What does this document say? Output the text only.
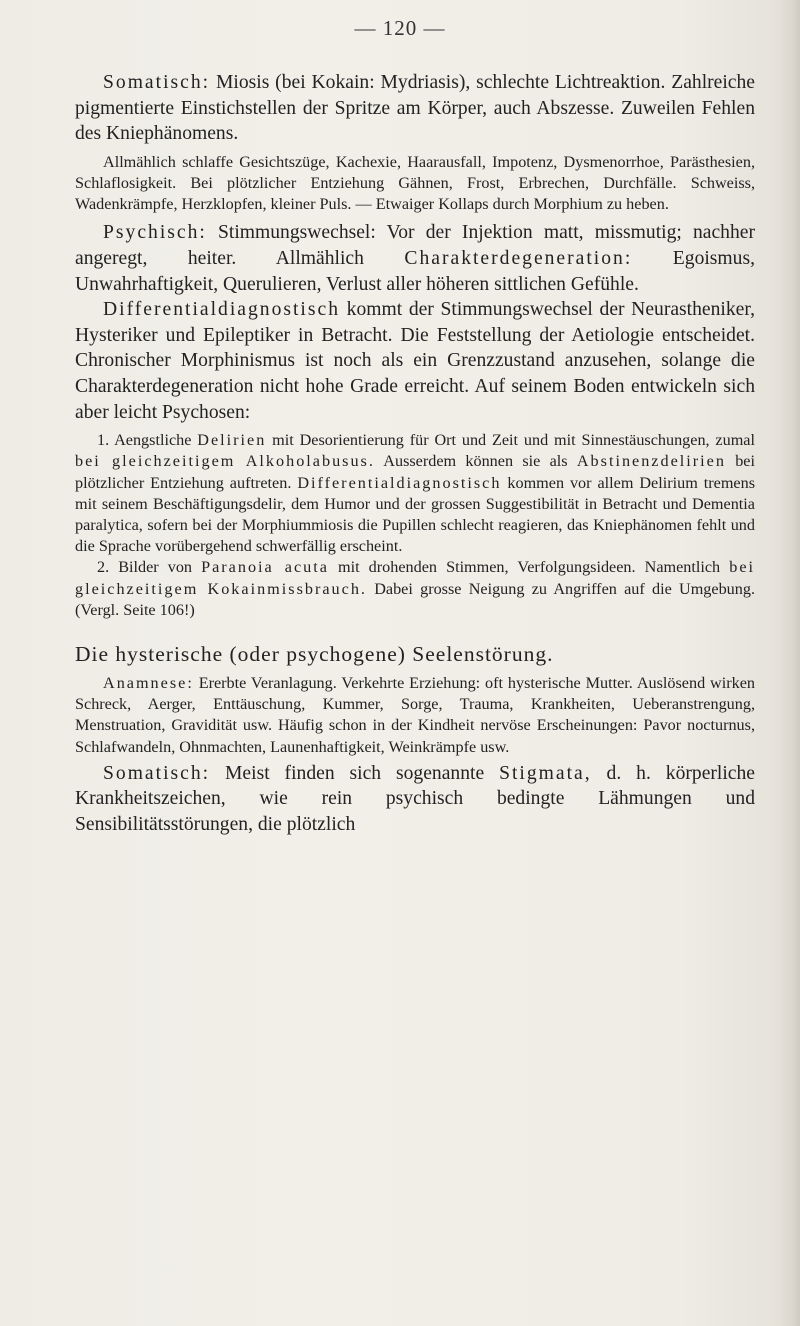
— 120 —

Somatisch: Miosis (bei Kokain: Mydriasis), schlechte Lichtreaktion. Zahlreiche pigmentierte Einstichstellen der Spritze am Körper, auch Abszesse. Zuweilen Fehlen des Kniephänomens.

Allmählich schlaffe Gesichtszüge, Kachexie, Haarausfall, Impotenz, Dysmenorrhoe, Parästhesien, Schlaflosigkeit. Bei plötzlicher Entziehung Gähnen, Frost, Erbrechen, Durchfälle. Schweiss, Wadenkrämpfe, Herzklopfen, kleiner Puls. — Etwaiger Kollaps durch Morphium zu heben.

Psychisch: Stimmungswechsel: Vor der Injektion matt, missmutig; nachher angeregt, heiter. Allmählich Charakterdegeneration: Egoismus, Unwahrhaftigkeit, Querulieren, Verlust aller höheren sittlichen Gefühle.

Differentialdiagnostisch kommt der Stimmungswechsel der Neurastheniker, Hysteriker und Epileptiker in Betracht. Die Feststellung der Aetiologie entscheidet. Chronischer Morphinismus ist noch als ein Grenzzustand anzusehen, solange die Charakterdegeneration nicht hohe Grade erreicht. Auf seinem Boden entwickeln sich aber leicht Psychosen:

1. Aengstliche Delirien mit Desorientierung für Ort und Zeit und mit Sinnestäuschungen, zumal bei gleichzeitigem Alkoholabusus. Ausserdem können sie als Abstinenzdelirien bei plötzlicher Entziehung auftreten. Differentialdiagnostisch kommen vor allem Delirium tremens mit seinem Beschäftigungsdelir, dem Humor und der grossen Suggestibilität in Betracht und Dementia paralytica, sofern bei der Morphiummiosis die Pupillen schlecht reagieren, das Kniephänomen fehlt und die Sprache vorübergehend schwerfällig erscheint.

2. Bilder von Paranoia acuta mit drohenden Stimmen, Verfolgungsideen. Namentlich bei gleichzeitigem Kokainmissbrauch. Dabei grosse Neigung zu Angriffen auf die Umgebung. (Vergl. Seite 106!)

Die hysterische (oder psychogene) Seelenstörung.

Anamnese: Ererbte Veranlagung. Verkehrte Erziehung: oft hysterische Mutter. Auslösend wirken Schreck, Aerger, Enttäuschung, Kummer, Sorge, Trauma, Krankheiten, Ueberanstrengung, Menstruation, Gravidität usw. Häufig schon in der Kindheit nervöse Erscheinungen: Pavor nocturnus, Schlafwandeln, Ohnmachten, Launenhaftigkeit, Weinkrämpfe usw.

Somatisch: Meist finden sich sogenannte Stigmata, d. h. körperliche Krankheitszeichen, wie rein psychisch bedingte Lähmungen und Sensibilitätsstörungen, die plötzlich
